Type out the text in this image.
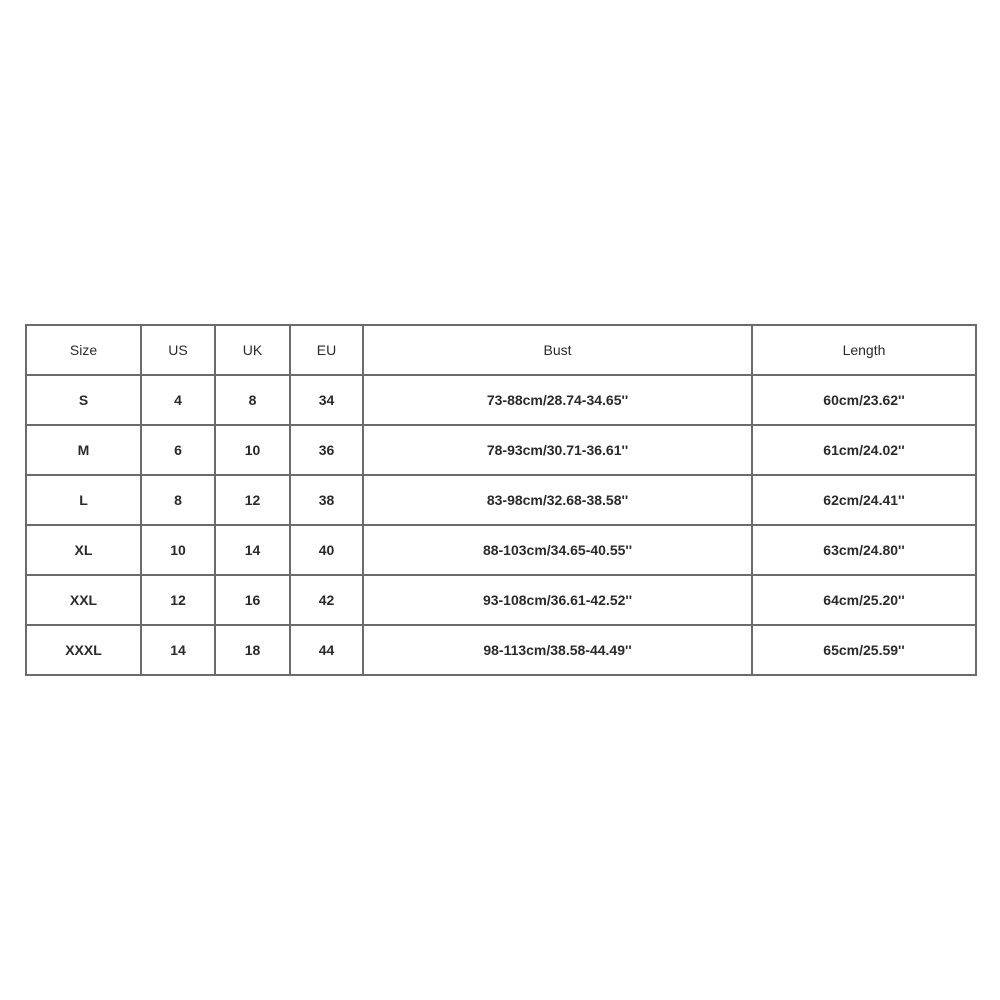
Size	US	UK	EU	Bust	Length
S	4	8	34	73-88cm/28.74-34.65''	60cm/23.62''
M	6	10	36	78-93cm/30.71-36.61''	61cm/24.02''
L	8	12	38	83-98cm/32.68-38.58''	62cm/24.41''
XL	10	14	40	88-103cm/34.65-40.55''	63cm/24.80''
XXL	12	16	42	93-108cm/36.61-42.52''	64cm/25.20''
XXXL	14	18	44	98-113cm/38.58-44.49''	65cm/25.59''
